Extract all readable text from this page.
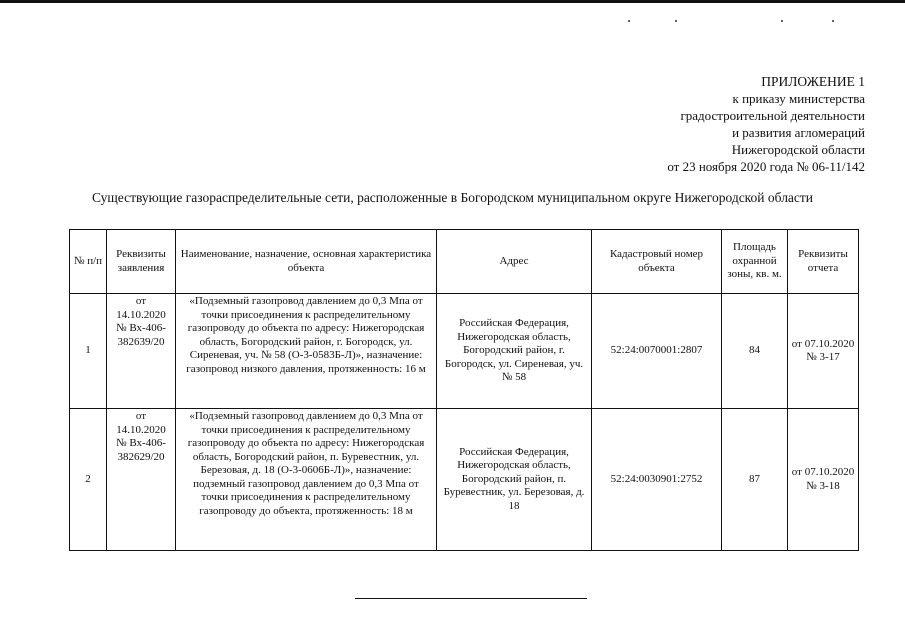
ПРИЛОЖЕНИЕ 1
к приказу министерства
градостроительной деятельности
и развития агломераций
Нижегородской области
от 23 ноября 2020 года № 06-11/142
Существующие газораспределительные сети, расположенные в Богородском муниципальном округе Нижегородской области
№ п/п	Реквизиты заявления	Наименование, назначение, основная характеристика объекта	Адрес	Кадастровый номер объекта	Площадь охранной зоны, кв. м.	Реквизиты отчета
1	от 14.10.2020 № Вх-406-382639/20	«Подземный газопровод давлением до 0,3 Мпа от точки присоединения к распределительному газопроводу до объекта по адресу: Нижегородская область, Богородский район, г. Богородск, ул. Сиреневая, уч. № 58 (О-3-0583Б-Л)», назначение: газопровод низкого давления, протяженность: 16 м	Российская Федерация, Нижегородская область, Богородский район, г. Богородск, ул. Сиреневая, уч. № 58	52:24:0070001:2807	84	от 07.10.2020 № 3-17
2	от 14.10.2020 № Вх-406-382629/20	«Подземный газопровод давлением до 0,3 Мпа от точки присоединения к распределительному газопроводу до объекта по адресу: Нижегородская область, Богородский район, п. Буревестник, ул. Березовая, д. 18 (О-3-0606Б-Л)», назначение: подземный газопровод давлением до 0,3 Мпа от точки присоединения к распределительному газопроводу до объекта, протяженность: 18 м	Российская Федерация, Нижегородская область, Богородский район, п. Буревестник, ул. Березовая, д. 18	52:24:0030901:2752	87	от 07.10.2020 № 3-18
